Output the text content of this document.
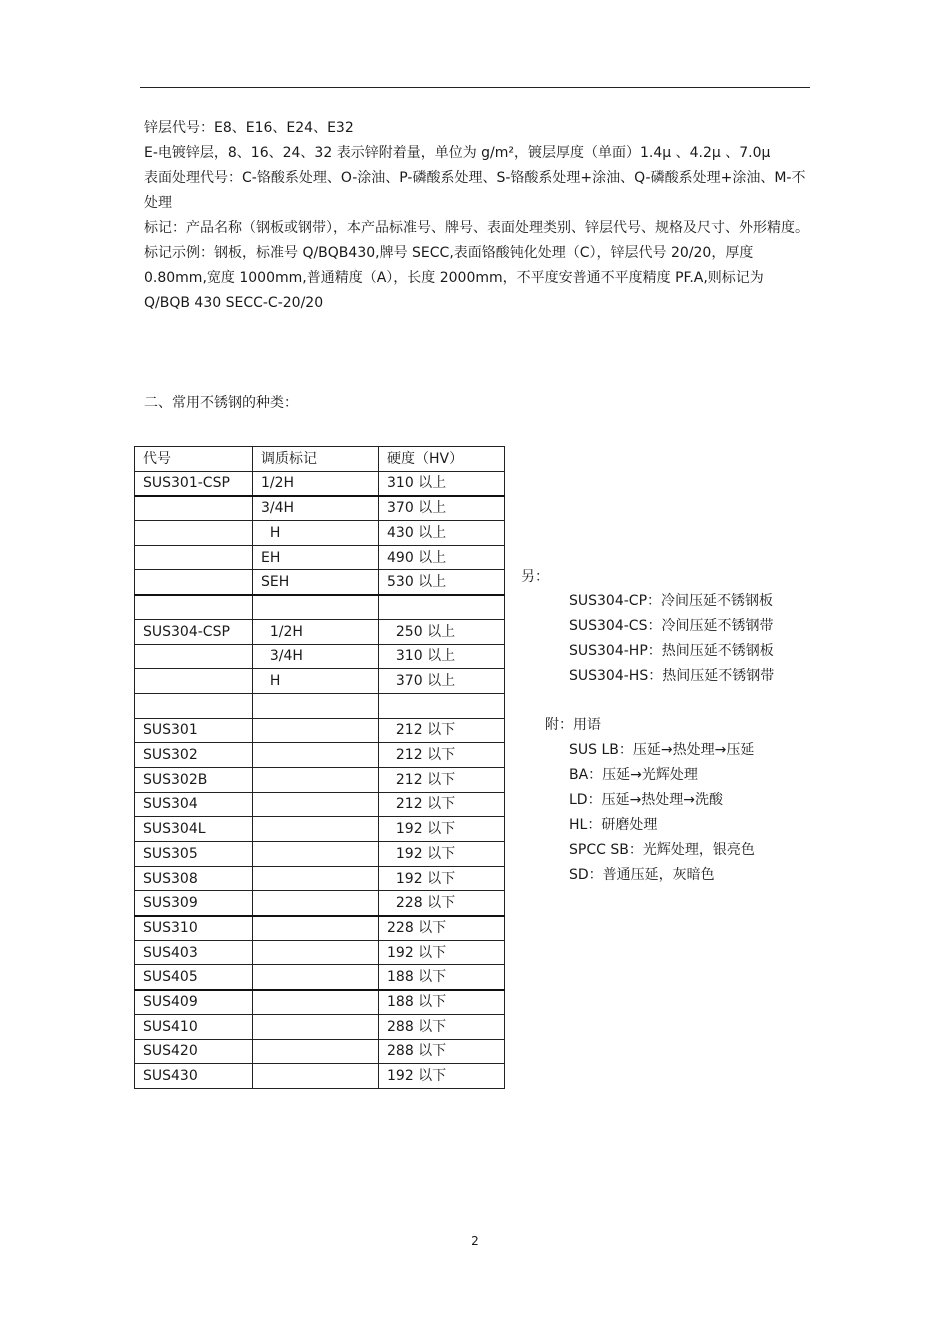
锌层代号：E8、E16、E24、E32

E-电镀锌层，8、16、24、32 表示锌附着量，单位为 g/m²，镀层厚度（单面）1.4μ 、4.2μ 、7.0μ

表面处理代号：C-铬酸系处理、O-涂油、P-磷酸系处理、S-铬酸系处理+涂油、Q-磷酸系处理+涂油、M-不处理

标记：产品名称（钢板或钢带），本产品标准号、牌号、表面处理类别、锌层代号、规格及尺寸、外形精度。

标记示例：钢板，标准号 Q/BQB430,牌号 SECC,表面铬酸钝化处理（C），锌层代号 20/20，厚度 0.80mm,宽度 1000mm,普通精度（A），长度 2000mm，不平度安普通不平度精度 PF.A,则标记为 Q/BQB 430 SECC-C-20/20

二、常用不锈钢的种类：
代号	调质标记	硬度（HV）
SUS301-CSP	1/2H	310 以上
	3/4H	370 以上
	H	430 以上
	EH	490 以上
	SEH	530 以上

SUS304-CSP	1/2H	250 以上
	3/4H	310 以上
	H	370 以上

SUS301		212 以下
SUS302		212 以下
SUS302B		212 以下
SUS304		212 以下
SUS304L		192 以下
SUS305		192 以下
SUS308		192 以下
SUS309		228 以下
SUS310		228 以下
SUS403		192 以下
SUS405		188 以下
SUS409		188 以下
SUS410		288 以下
SUS420		288 以下
SUS430		192 以下
另：
SUS304-CP：冷间压延不锈钢板
SUS304-CS：冷间压延不锈钢带
SUS304-HP：热间压延不锈钢板
SUS304-HS：热间压延不锈钢带
附：用语
SUS LB：压延→热处理→压延
BA：压延→光辉处理
LD：压延→热处理→洗酸
HL：研磨处理
SPCC SB：光辉处理，银亮色
SD：普通压延，灰暗色
2
